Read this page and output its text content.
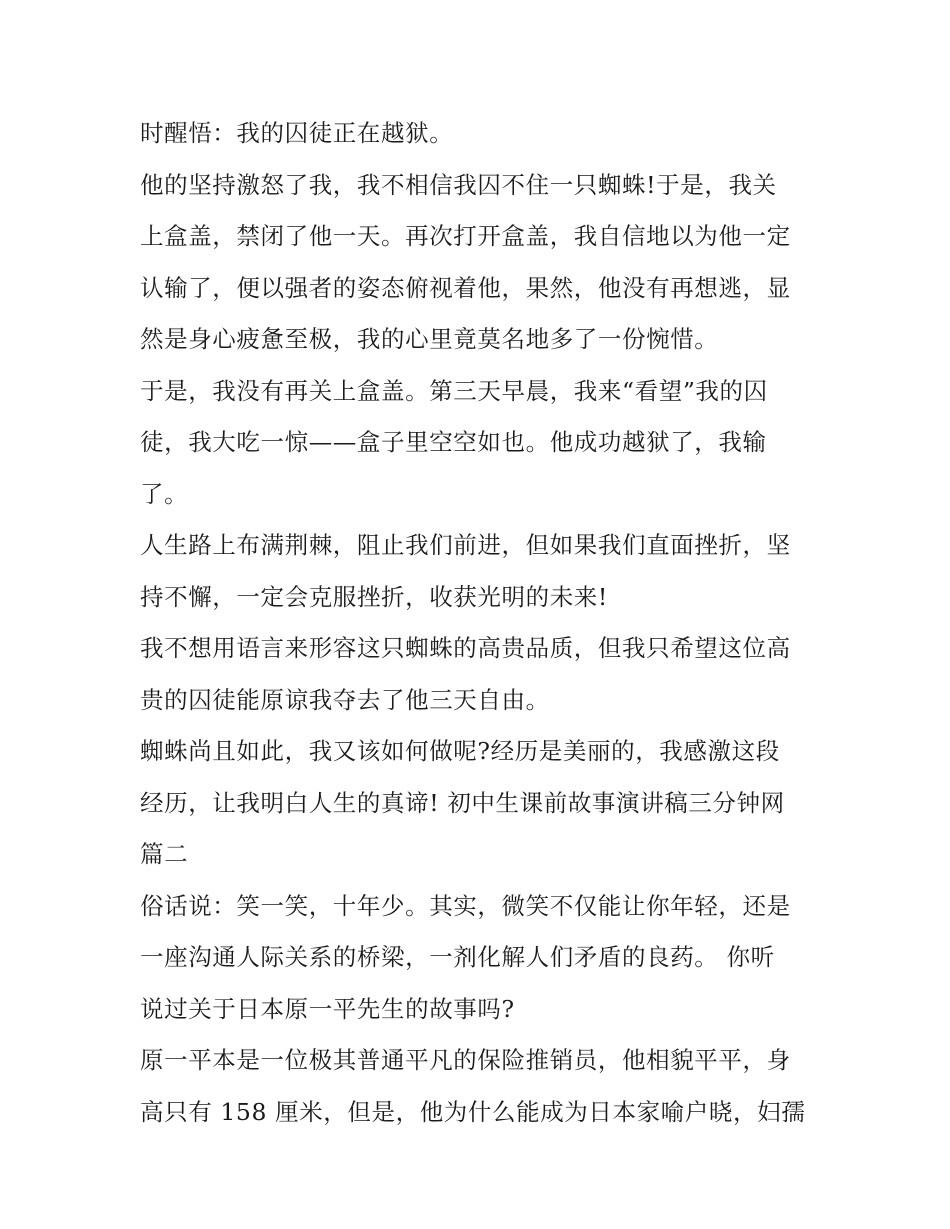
时醒悟：我的囚徒正在越狱。
他的坚持激怒了我，我不相信我囚不住一只蜘蛛!于是，我关
上盒盖，禁闭了他一天。再次打开盒盖，我自信地以为他一定
认输了，便以强者的姿态俯视着他，果然，他没有再想逃，显
然是身心疲惫至极，我的心里竟莫名地多了一份惋惜。
于是，我没有再关上盒盖。第三天早晨，我来“看望”我的囚
徒，我大吃一惊——盒子里空空如也。他成功越狱了，我输
了。
人生路上布满荆棘，阻止我们前进，但如果我们直面挫折，坚
持不懈，一定会克服挫折，收获光明的未来!
我不想用语言来形容这只蜘蛛的高贵品质，但我只希望这位高
贵的囚徒能原谅我夺去了他三天自由。
蜘蛛尚且如此，我又该如何做呢?经历是美丽的，我感激这段
经历，让我明白人生的真谛! 初中生课前故事演讲稿三分钟网
篇二
俗话说：笑一笑，十年少。其实，微笑不仅能让你年轻，还是
一座沟通人际关系的桥梁，一剂化解人们矛盾的良药。 你听
说过关于日本原一平先生的故事吗?
原一平本是一位极其普通平凡的保险推销员，他相貌平平，身
高只有 158 厘米，但是，他为什么能成为日本家喻户晓，妇孺
